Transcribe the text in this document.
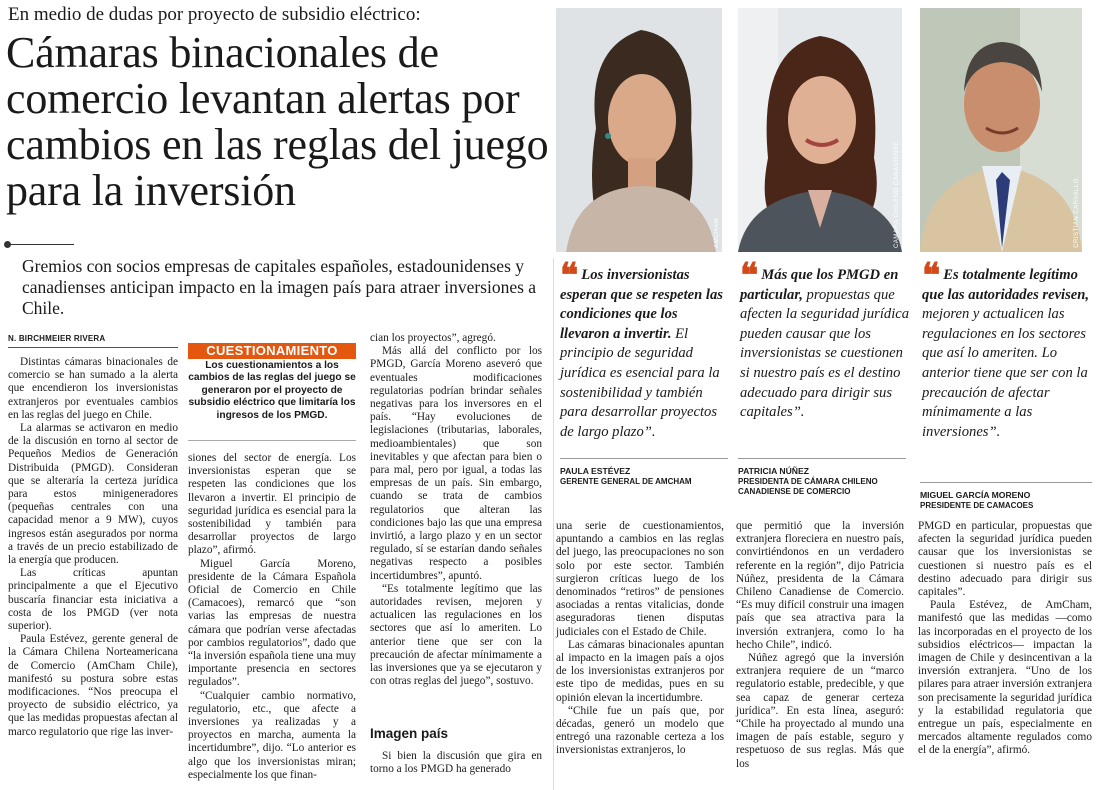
En medio de dudas por proyecto de subsidio eléctrico:
Cámaras binacionales de comercio levantan alertas por cambios en las reglas del juego para la inversión
Gremios con socios empresas de capitales españoles, estadounidenses y canadienses anticipan impacto en la imagen país para atraer inversiones a Chile.
AMCHAM.	CÁMARA CHILENO CANADIENSE.	CRISTIÁN CARVALLO.
❝ Los inversionistas esperan que se respeten las condiciones que los llevaron a invertir. El principio de seguridad jurídica es esencial para la sostenibilidad y también para desarrollar proyectos de largo plazo”.
PAULA ESTÉVEZ
GERENTE GENERAL DE AMCHAM
❝ Más que los PMGD en particular, propuestas que afecten la seguridad jurídica pueden causar que los inversionistas se cuestionen si nuestro país es el destino adecuado para dirigir sus capitales”.
PATRICIA NÚÑEZ
PRESIDENTA DE CÁMARA CHILENO CANADIENSE DE COMERCIO
❝ Es totalmente legítimo que las autoridades revisen, mejoren y actualicen las regulaciones en los sectores que así lo ameriten. Lo anterior tiene que ser con la precaución de afectar mínimamente a las inversiones”.
MIGUEL GARCÍA MORENO
PRESIDENTE DE CAMACOES
N. BIRCHMEIER RIVERA

Distintas cámaras binacionales de comercio se han sumado a la alerta que encendieron los inversionistas extranjeros por eventuales cambios en las reglas del juego en Chile.

La alarmas se activaron en medio de la discusión en torno al sector de Pequeños Medios de Generación Distribuida (PMGD). Consideran que se alteraría la certeza jurídica para estos minigeneradores (pequeñas centrales con una capacidad menor a 9 MW), cuyos ingresos están asegurados por norma a través de un precio estabilizado de la energía que producen.

Las críticas apuntan principalmente a que el Ejecutivo buscaría financiar esta iniciativa a costa de los PMGD (ver nota superior).

Paula Estévez, gerente general de la Cámara Chilena Norteamericana de Comercio (AmCham Chile), manifestó su postura sobre estas modificaciones. “Nos preocupa el proyecto de subsidio eléctrico, ya que las medidas propuestas afectan al marco regulatorio que rige las inver-

CUESTIONAMIENTO
Los cuestionamientos a los cambios de las reglas del juego se generaron por el proyecto de subsidio eléctrico que limitaría los ingresos de los PMGD.

siones del sector de energía. Los inversionistas esperan que se respeten las condiciones que los llevaron a invertir. El principio de seguridad jurídica es esencial para la sostenibilidad y también para desarrollar proyectos de largo plazo”, afirmó.

Miguel García Moreno, presidente de la Cámara Española Oficial de Comercio en Chile (Camacoes), remarcó que “son varias las empresas de nuestra cámara que podrían verse afectadas por cambios regulatorios”, dado que “la inversión española tiene una muy importante presencia en sectores regulados”.

“Cualquier cambio normativo, regulatorio, etc., que afecte a inversiones ya realizadas y a proyectos en marcha, aumenta la incertidumbre”, dijo. “Lo anterior es algo que los inversionistas miran; especialmente los que finan-

cian los proyectos”, agregó.

Más allá del conflicto por los PMGD, García Moreno aseveró que eventuales modificaciones regulatorias podrían brindar señales negativas para los inversores en el país. “Hay evoluciones de legislaciones (tributarias, laborales, medioambientales) que son inevitables y que afectan para bien o para mal, pero por igual, a todas las empresas de un país. Sin embargo, cuando se trata de cambios regulatorios que alteran las condiciones bajo las que una empresa invirtió, a largo plazo y en un sector regulado, sí se estarían dando señales negativas respecto a posibles incertidumbres”, apuntó.

“Es totalmente legítimo que las autoridades revisen, mejoren y actualicen las regulaciones en los sectores que así lo ameriten. Lo anterior tiene que ser con la precaución de afectar mínimamente a las inversiones que ya se ejecutaron y con otras reglas del juego”, sostuvo.

Imagen país

Si bien la discusión que gira en torno a los PMGD ha generado

una serie de cuestionamientos, apuntando a cambios en las reglas del juego, las preocupaciones no son solo por este sector. También surgieron críticas luego de los denominados “retiros” de pensiones asociadas a rentas vitalicias, donde aseguradoras tienen disputas judiciales con el Estado de Chile.

Las cámaras binacionales apuntan al impacto en la imagen país a ojos de los inversionistas extranjeros por este tipo de medidas, pues en su opinión elevan la incertidumbre.

“Chile fue un país que, por décadas, generó un modelo que entregó una razonable certeza a los inversionistas extranjeros, lo

que permitió que la inversión extranjera floreciera en nuestro país, convirtiéndonos en un verdadero referente en la región”, dijo Patricia Núñez, presidenta de la Cámara Chileno Canadiense de Comercio. “Es muy difícil construir una imagen país que sea atractiva para la inversión extranjera, como lo ha hecho Chile”, indicó.

Núñez agregó que la inversión extranjera requiere de un “marco regulatorio estable, predecible, y que sea capaz de generar certeza jurídica”. En esta línea, aseguró: “Chile ha proyectado al mundo una imagen de país estable, seguro y respetuoso de sus reglas. Más que los

PMGD en particular, propuestas que afecten la seguridad jurídica pueden causar que los inversionistas se cuestionen si nuestro país es el destino adecuado para dirigir sus capitales”.

Paula Estévez, de AmCham, manifestó que las medidas —como las incorporadas en el proyecto de los subsidios eléctricos— impactan la imagen de Chile y desincentivan a la inversión extranjera. “Uno de los pilares para atraer inversión extranjera son precisamente la seguridad jurídica y la estabilidad regulatoria que entregue un país, especialmente en mercados altamente regulados como el de la energía”, afirmó.
